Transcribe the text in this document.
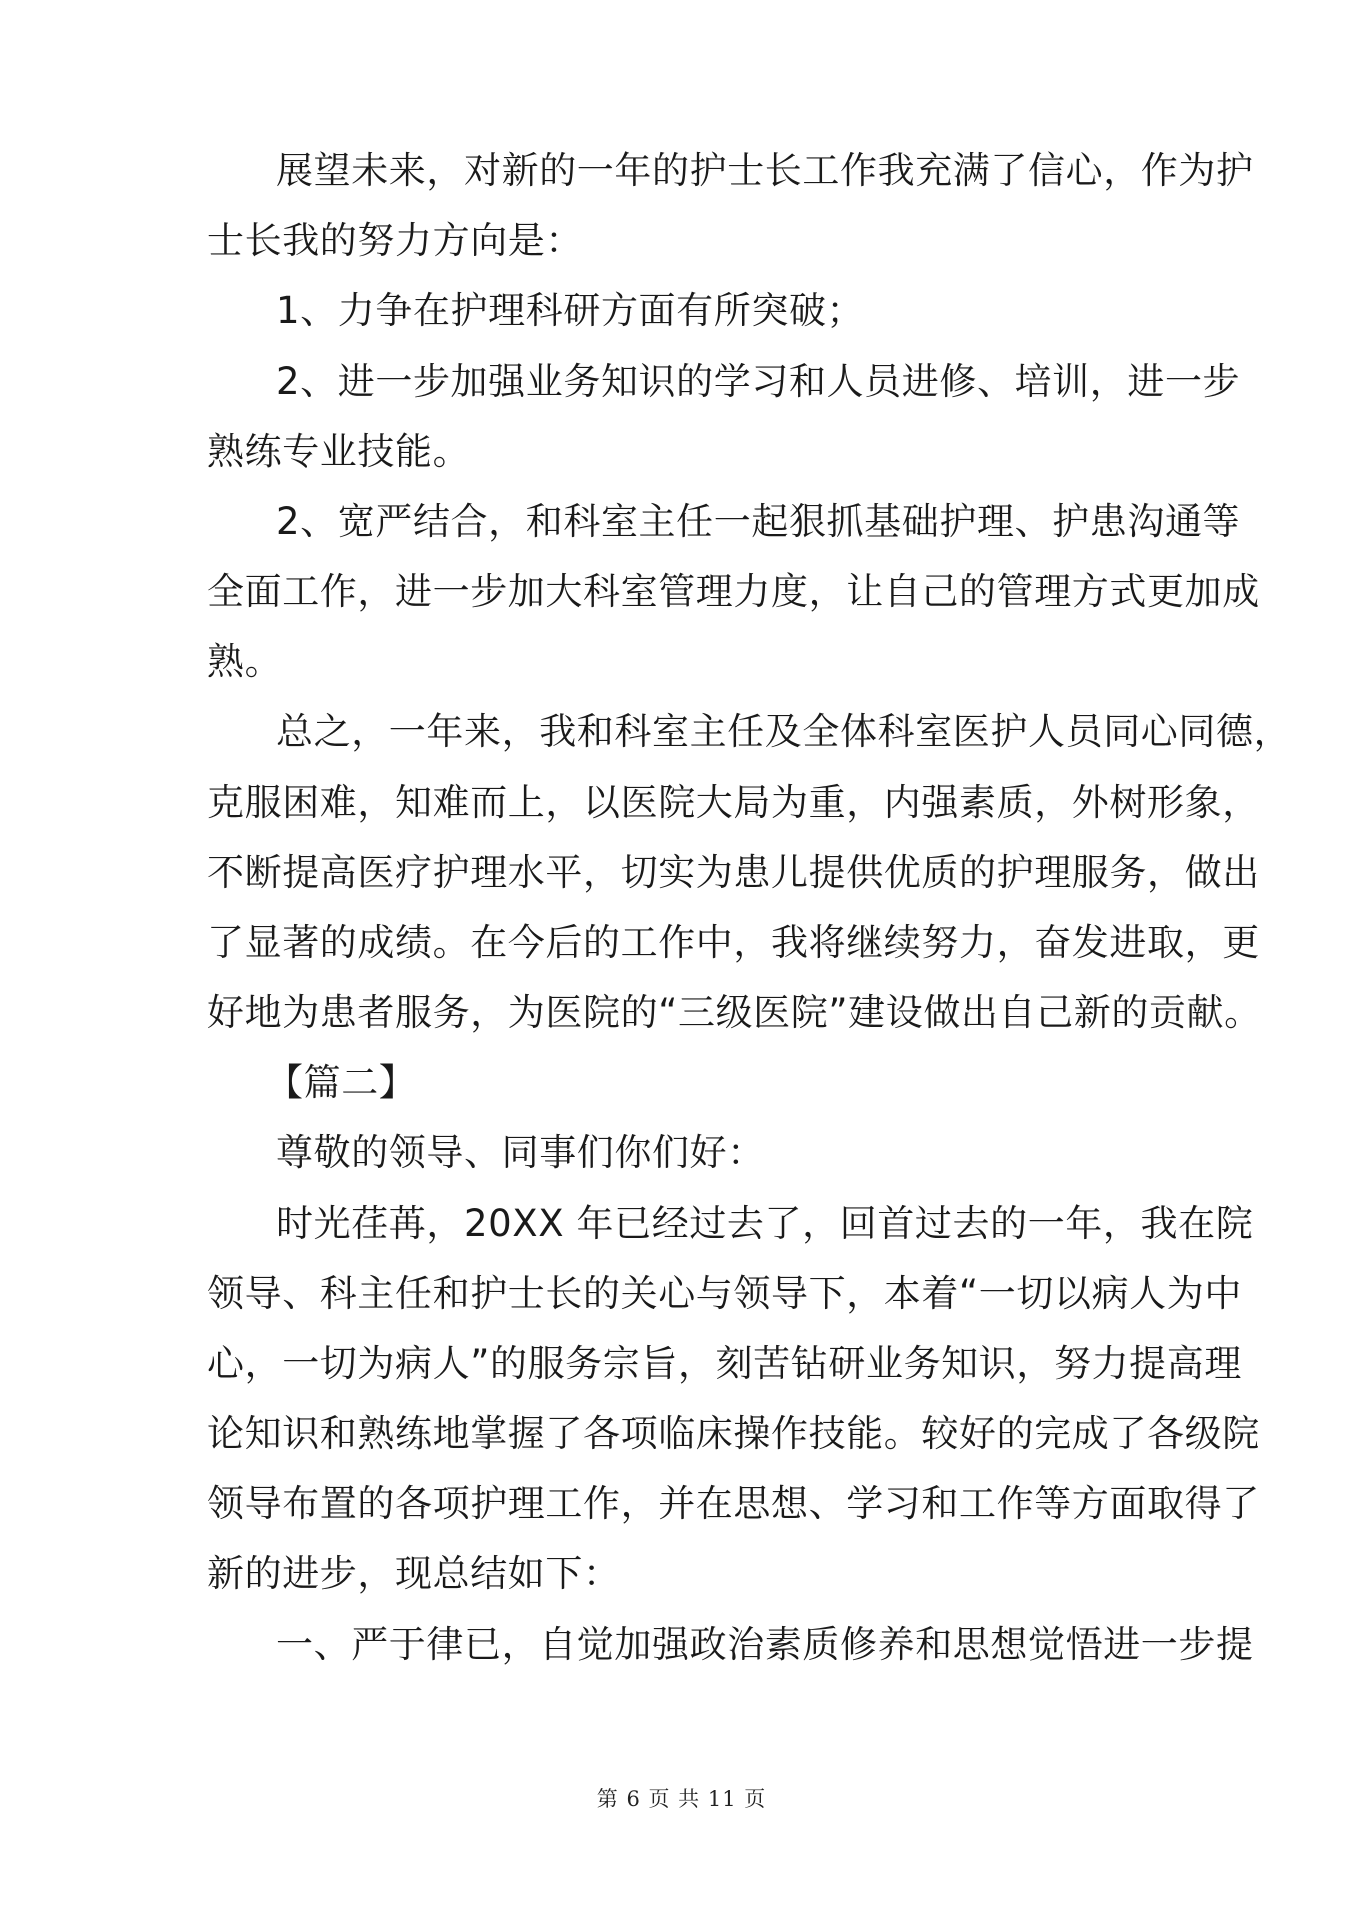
展望未来，对新的一年的护士长工作我充满了信心，作为护
士长我的努力方向是：
1、力争在护理科研方面有所突破；
2、进一步加强业务知识的学习和人员进修、培训，进一步
熟练专业技能。
2、宽严结合，和科室主任一起狠抓基础护理、护患沟通等
全面工作，进一步加大科室管理力度，让自己的管理方式更加成
熟。
总之，一年来，我和科室主任及全体科室医护人员同心同德，
克服困难，知难而上，以医院大局为重，内强素质，外树形象，
不断提高医疗护理水平，切实为患儿提供优质的护理服务，做出
了显著的成绩。在今后的工作中，我将继续努力，奋发进取，更
好地为患者服务，为医院的“三级医院”建设做出自己新的贡献。
【篇二】
尊敬的领导、同事们你们好：
时光荏苒，20XX 年已经过去了，回首过去的一年，我在院
领导、科主任和护士长的关心与领导下，本着“一切以病人为中
心，一切为病人”的服务宗旨，刻苦钻研业务知识，努力提高理
论知识和熟练地掌握了各项临床操作技能。较好的完成了各级院
领导布置的各项护理工作，并在思想、学习和工作等方面取得了
新的进步，现总结如下：
一、严于律已，自觉加强政治素质修养和思想觉悟进一步提
第 6 页 共 11 页
